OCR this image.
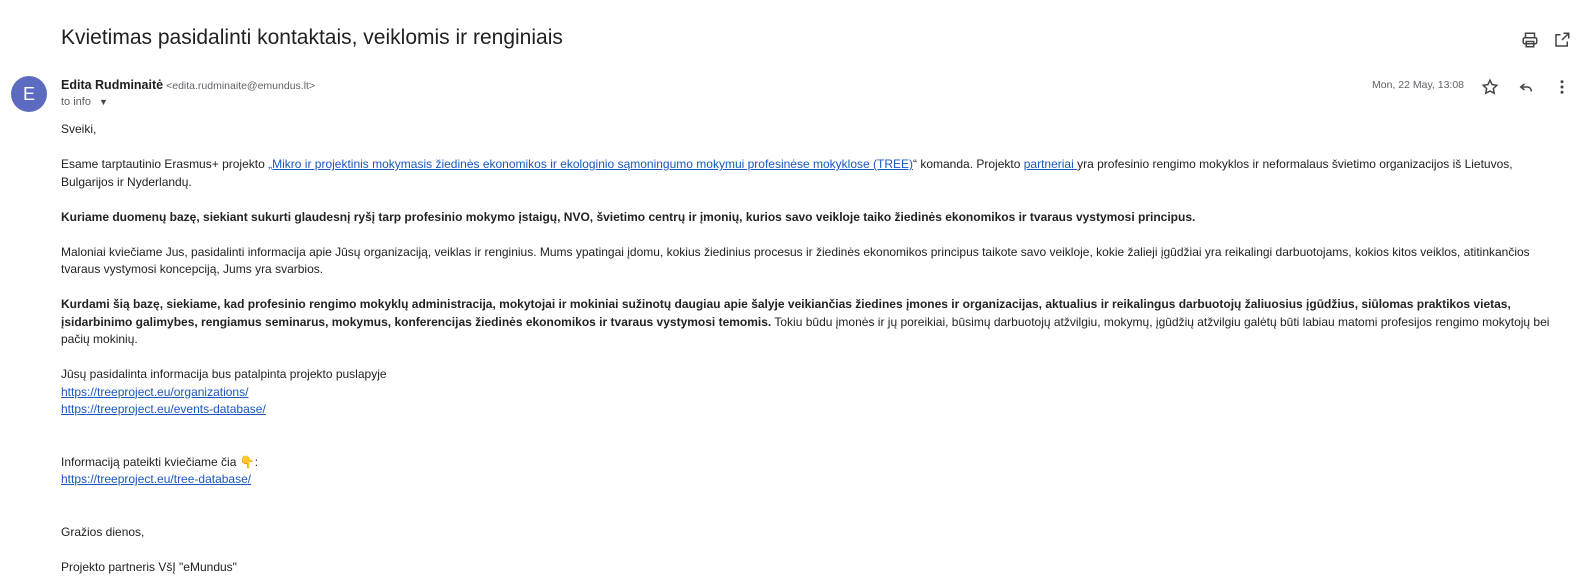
Kvietimas pasidalinti kontaktais, veiklomis ir renginiais
E	Edita Rudminaitė <edita.rudminaite@emundus.lt>
to info ▼
Mon, 22 May, 13:08

Sveiki,

Esame tarptautinio Erasmus+ projekto „Mikro ir projektinis mokymasis žiedinės ekonomikos ir ekologinio sąmoningumo mokymui profesinėse mokyklose (TREE)“ komanda. Projekto partneriai yra profesinio rengimo mokyklos ir neformalaus švietimo organizacijos iš Lietuvos, Bulgarijos ir Nyderlandų.

Kuriame duomenų bazę, siekiant sukurti glaudesnį ryšį tarp profesinio mokymo įstaigų, NVO, švietimo centrų ir įmonių, kurios savo veikloje taiko žiedinės ekonomikos ir tvaraus vystymosi principus.

Maloniai kviečiame Jus, pasidalinti informacija apie Jūsų organizaciją, veiklas ir renginius. Mums ypatingai įdomu, kokius žiedinius procesus ir žiedinės ekonomikos principus taikote savo veikloje, kokie žalieji įgūdžiai yra reikalingi darbuotojams, kokios kitos veiklos, atitinkančios tvaraus vystymosi koncepciją, Jums yra svarbios.

Kurdami šią bazę, siekiame, kad profesinio rengimo mokyklų administracija, mokytojai ir mokiniai sužinotų daugiau apie šalyje veikiančias žiedines įmones ir organizacijas, aktualius ir reikalingus darbuotojų žaliuosius įgūdžius, siūlomas praktikos vietas, įsidarbinimo galimybes, rengiamus seminarus, mokymus, konferencijas žiedinės ekonomikos ir tvaraus vystymosi temomis. Tokiu būdu įmonės ir jų poreikiai, būsimų darbuotojų atžvilgiu, mokymų, įgūdžių atžvilgiu galėtų būti labiau matomi profesijos rengimo mokytojų bei pačių mokinių.

Jūsų pasidalinta informacija bus patalpinta projekto puslapyje

https://treeproject.eu/organizations/

https://treeproject.eu/events-database/

Informaciją pateikti kviečiame čia 👇:

https://treeproject.eu/tree-database/

Gražios dienos,

Projekto partneris VšĮ "eMundus"
